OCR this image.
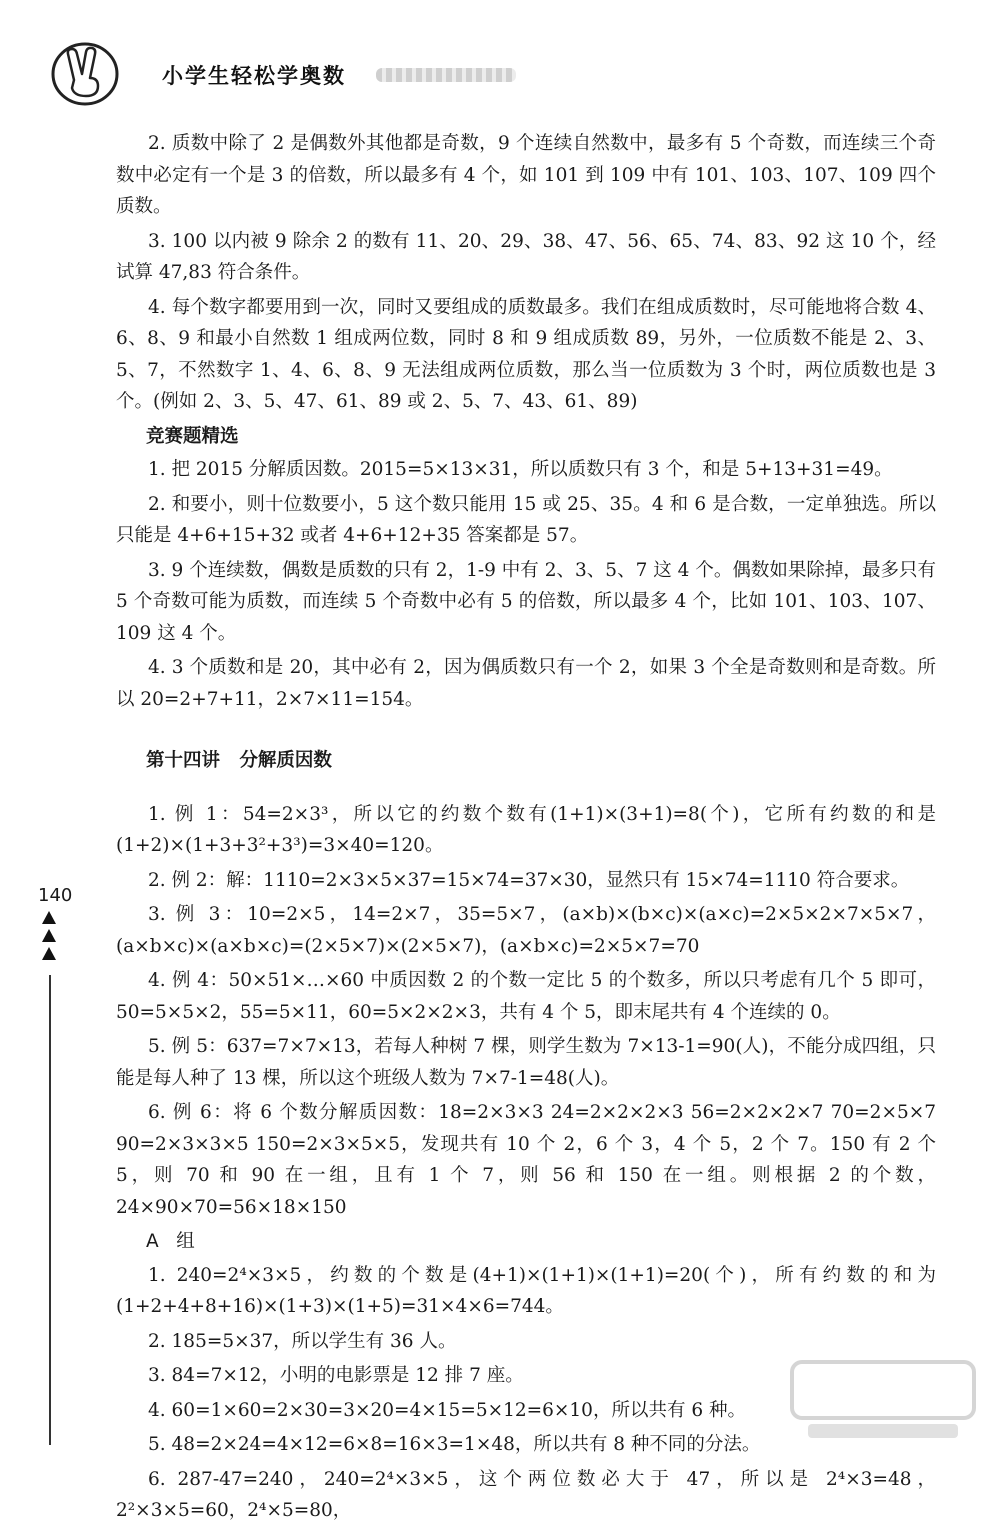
小学生轻松学奥数

2. 质数中除了 2 是偶数外其他都是奇数，9 个连续自然数中，最多有 5 个奇数，而连续三个奇数中必定有一个是 3 的倍数，所以最多有 4 个，如 101 到 109 中有 101、103、107、109 四个质数。

3. 100 以内被 9 除余 2 的数有 11、20、29、38、47、56、65、74、83、92 这 10 个，经试算 47,83 符合条件。

4. 每个数字都要用到一次，同时又要组成的质数最多。我们在组成质数时，尽可能地将合数 4、6、8、9 和最小自然数 1 组成两位数，同时 8 和 9 组成质数 89，另外，一位质数不能是 2、3、5、7，不然数字 1、4、6、8、9 无法组成两位质数，那么当一位质数为 3 个时，两位质数也是 3 个。(例如 2、3、5、47、61、89 或 2、5、7、43、61、89)

竞赛题精选

1. 把 2015 分解质因数。2015=5×13×31，所以质数只有 3 个，和是 5+13+31=49。

2. 和要小，则十位数要小，5 这个数只能用 15 或 25、35。4 和 6 是合数，一定单独选。所以只能是 4+6+15+32 或者 4+6+12+35 答案都是 57。

3. 9 个连续数，偶数是质数的只有 2，1-9 中有 2、3、5、7 这 4 个。偶数如果除掉，最多只有 5 个奇数可能为质数，而连续 5 个奇数中必有 5 的倍数，所以最多 4 个，比如 101、103、107、109 这 4 个。

4. 3 个质数和是 20，其中必有 2，因为偶质数只有一个 2，如果 3 个全是奇数则和是奇数。所以 20=2+7+11，2×7×11=154。

第十四讲   分解质因数

1. 例 1：54=2×3³，所以它的约数个数有(1+1)×(3+1)=8(个)，它所有约数的和是(1+2)×(1+3+3²+3³)=3×40=120。

2. 例 2：解：1110=2×3×5×37=15×74=37×30，显然只有 15×74=1110 符合要求。

3. 例 3：10=2×5，14=2×7，35=5×7，(a×b)×(b×c)×(a×c)=2×5×2×7×5×7，(a×b×c)×(a×b×c)=(2×5×7)×(2×5×7)，(a×b×c)=2×5×7=70

4. 例 4：50×51×…×60 中质因数 2 的个数一定比 5 的个数多，所以只考虑有几个 5 即可，50=5×5×2，55=5×11，60=5×2×2×3，共有 4 个 5，即末尾共有 4 个连续的 0。

5. 例 5：637=7×7×13，若每人种树 7 棵，则学生数为 7×13-1=90(人)，不能分成四组，只能是每人种了 13 棵，所以这个班级人数为 7×7-1=48(人)。

6. 例 6：将 6 个数分解质因数：18=2×3×3 24=2×2×2×3 56=2×2×2×7 70=2×5×7 90=2×3×3×5 150=2×3×5×5，发现共有 10 个 2，6 个 3，4 个 5，2 个 7。150 有 2 个 5，则 70 和 90 在一组，且有 1 个 7，则 56 和 150 在一组。则根据 2 的个数，24×90×70=56×18×150

A   组

1. 240=2⁴×3×5，约数的个数是(4+1)×(1+1)×(1+1)=20(个)，所有约数的和为(1+2+4+8+16)×(1+3)×(1+5)=31×4×6=744。

2. 185=5×37，所以学生有 36 人。

3. 84=7×12，小明的电影票是 12 排 7 座。

4. 60=1×60=2×30=3×20=4×15=5×12=6×10，所以共有 6 种。

5. 48=2×24=4×12=6×8=16×3=1×48，所以共有 8 种不同的分法。

6. 287-47=240，240=2⁴×3×5，这个两位数必大于 47，所以是 2⁴×3=48，2²×3×5=60，2⁴×5=80，

140
